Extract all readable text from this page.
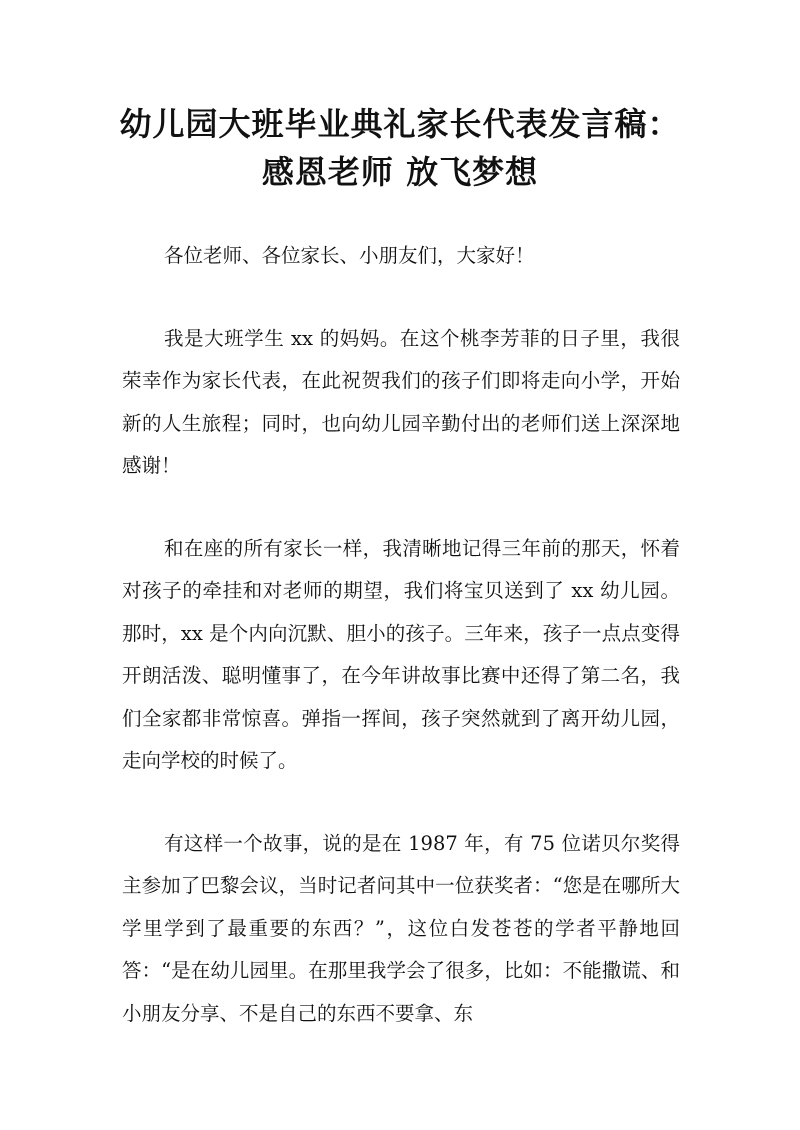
幼儿园大班毕业典礼家长代表发言稿：
感恩老师 放飞梦想

各位老师、各位家长、小朋友们，大家好！

我是大班学生 xx 的妈妈。在这个桃李芳菲的日子里，我很荣幸作为家长代表，在此祝贺我们的孩子们即将走向小学，开始新的人生旅程；同时，也向幼儿园辛勤付出的老师们送上深深地感谢！

和在座的所有家长一样，我清晰地记得三年前的那天，怀着对孩子的牵挂和对老师的期望，我们将宝贝送到了 xx 幼儿园。那时，xx 是个内向沉默、胆小的孩子。三年来，孩子一点点变得开朗活泼、聪明懂事了，在今年讲故事比赛中还得了第二名，我们全家都非常惊喜。弹指一挥间，孩子突然就到了离开幼儿园，走向学校的时候了。

有这样一个故事，说的是在 1987 年，有 75 位诺贝尔奖得主参加了巴黎会议，当时记者问其中一位获奖者：“您是在哪所大学里学到了最重要的东西？”，这位白发苍苍的学者平静地回答：“是在幼儿园里。在那里我学会了很多，比如：不能撒谎、和小朋友分享、不是自己的东西不要拿、东
